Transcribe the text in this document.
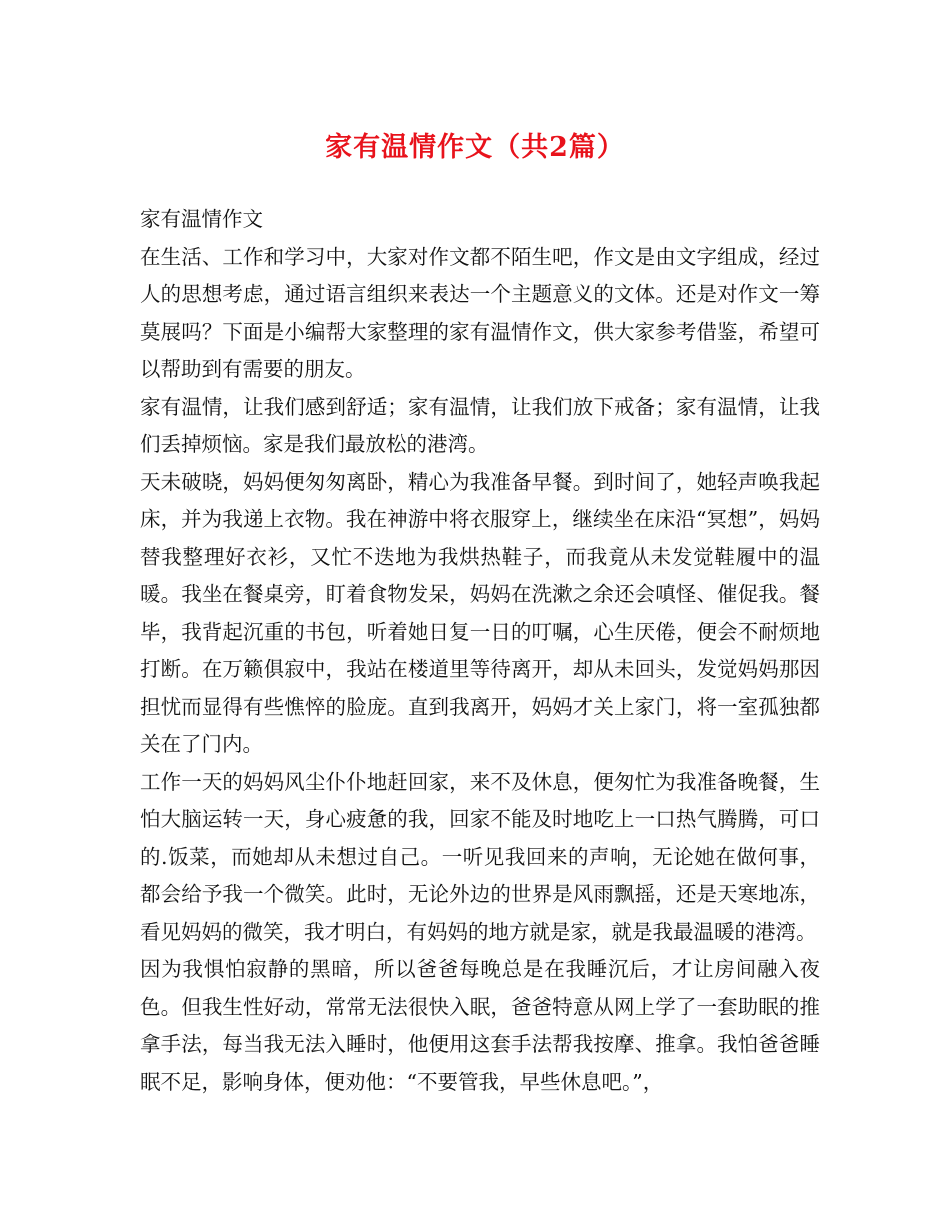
家有温情作文（共2篇）

家有温情作文

在生活、工作和学习中，大家对作文都不陌生吧，作文是由文字组成，经过人的思想考虑，通过语言组织来表达一个主题意义的文体。还是对作文一筹莫展吗？下面是小编帮大家整理的家有温情作文，供大家参考借鉴，希望可以帮助到有需要的朋友。

家有温情，让我们感到舒适；家有温情，让我们放下戒备；家有温情，让我们丢掉烦恼。家是我们最放松的港湾。

天未破晓，妈妈便匆匆离卧，精心为我准备早餐。到时间了，她轻声唤我起床，并为我递上衣物。我在神游中将衣服穿上，继续坐在床沿“冥想”，妈妈替我整理好衣衫，又忙不迭地为我烘热鞋子，而我竟从未发觉鞋履中的温暖。我坐在餐桌旁，盯着食物发呆，妈妈在洗漱之余还会嗔怪、催促我。餐毕，我背起沉重的书包，听着她日复一日的叮嘱，心生厌倦，便会不耐烦地打断。在万籁俱寂中，我站在楼道里等待离开，却从未回头，发觉妈妈那因担忧而显得有些憔悴的脸庞。直到我离开，妈妈才关上家门，将一室孤独都关在了门内。

工作一天的妈妈风尘仆仆地赶回家，来不及休息，便匆忙为我准备晚餐，生怕大脑运转一天，身心疲惫的我，回家不能及时地吃上一口热气腾腾，可口的.饭菜，而她却从未想过自己。一听见我回来的声响，无论她在做何事，都会给予我一个微笑。此时，无论外边的世界是风雨飘摇，还是天寒地冻，看见妈妈的微笑，我才明白，有妈妈的地方就是家，就是我最温暖的港湾。

因为我惧怕寂静的黑暗，所以爸爸每晚总是在我睡沉后，才让房间融入夜色。但我生性好动，常常无法很快入眠，爸爸特意从网上学了一套助眠的推拿手法，每当我无法入睡时，他便用这套手法帮我按摩、推拿。我怕爸爸睡眠不足，影响身体，便劝他：“不要管我，早些休息吧。”，
